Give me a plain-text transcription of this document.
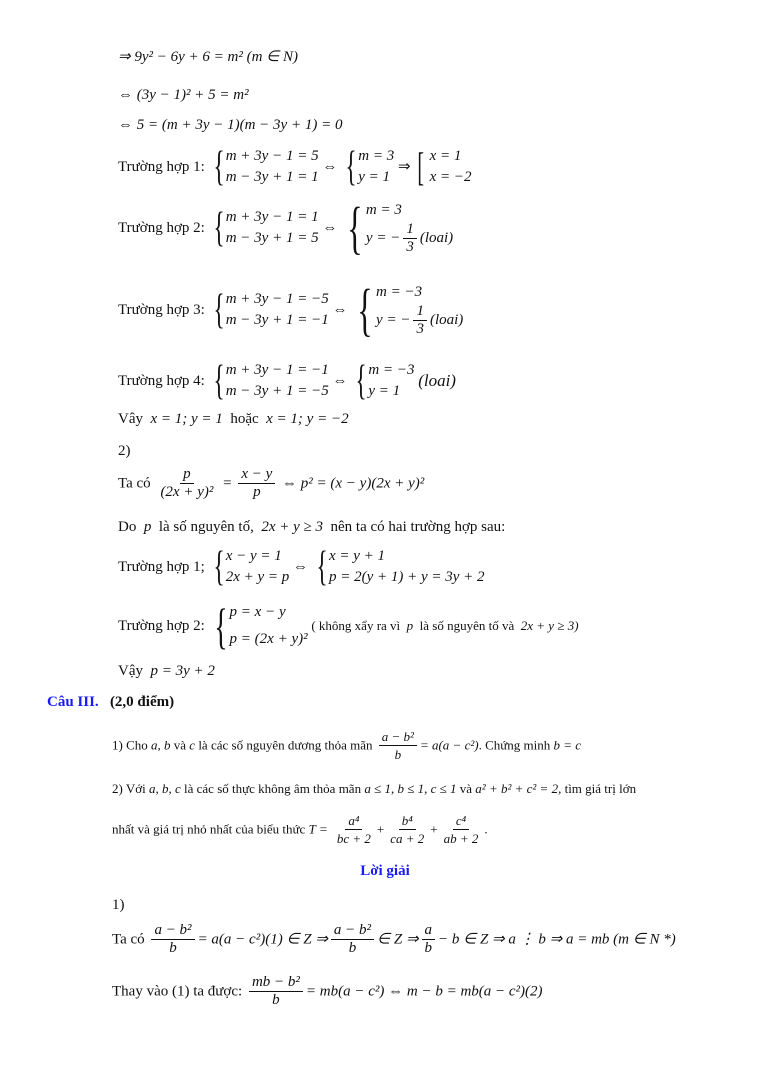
⇒ 9y² − 6y + 6 = m² (m ∈ N)
⇔ (3y − 1)² + 5 = m²
⇔ 5 = (m + 3y − 1)(m − 3y + 1) = 0
Trường hợp 1: { m + 3y − 1 = 5
m − 3y + 1 = 1
⇔ { m = 3
y = 1
⇒ [ x = 1
x = −2
Trường hợp 2: { m + 3y − 1 = 1
m − 3y + 1 = 5
⇔ { m = 3
y = − $\frac{1}{3}$ (loai)
Trường hợp 3: { m + 3y − 1 = −5
m − 3y + 1 = −1
⇔ { m = −3
y = − $\frac{1}{3}$ (loai)
Trường hợp 4: { m + 3y − 1 = −1
m − 3y + 1 = −5
⇔ { m = −3
y = 1
(loai)
Vây x = 1; y = 1 hoặc x = 1; y = −2
2)
Ta có $\frac{p}{\text{(2x + y)²}} = \frac{x - y}{p}$ ⇔ p² = (x − y)(2x + y)²
Do p là số nguyên tố, 2x + y ≥ 3 nên ta có hai trường hợp sau:
Trường hợp 1; { x − y = 1
2x + y = p
⇔ { x = y + 1
p = 2(y + 1) + y = 3y + 2
Trường hợp 2: { p = x − y
p = (2x + y)²
( không xẩy ra vì p là số nguyên tố và 2x + y ≥ 3)
Vậy p = 3y + 2
Câu III. (2,0 điểm)
1) Cho a, b và c là các số nguyên dương thỏa mãn $\frac{\text{a − b²}}{b} = a(a - c^2)$. Chứng minh b = c
2) Với a, b, c là các số thực không âm thỏa mãn a ≤ 1, b ≤ 1, c ≤ 1 và a² + b² + c² = 2, tìm giá trị lớn
nhất và giá trị nhỏ nhất của biểu thức $T = \frac{\text{a⁴}}{bc + 2} + \frac{\text{b⁴}}{ca + 2} + \frac{\text{c⁴}}{ab + 2}$ .
Lời giải
1)
Ta có $\frac{\text{a − b²}}{b} = a(a - c^2)(1)$ ∈ Z ⇒ $\frac{\text{a − b²}}{b}$ ∈ Z ⇒ $\frac{a}{b} - b$ ∈ Z ⇒ a ⋮ b ⇒ a = mb (m ∈ N *)
Thay vào (1) ta được: $\frac{\text{mb − b²}}{b} = mb(a - c^2)$ ⇔ m − b = mb(a − c²)(2)
